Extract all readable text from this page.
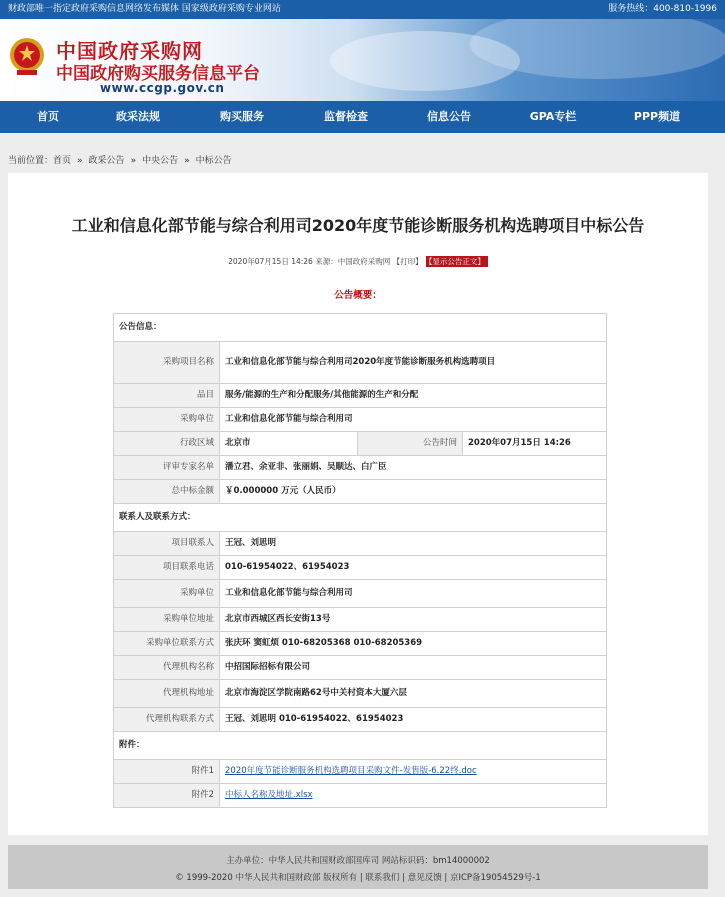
财政部唯一指定政府采购信息网络发布媒体 国家级政府采购专业网站	服务热线：400-810-1996
中国政府采购网
中国政府购买服务信息平台
www.ccgp.gov.cn
首页	政采法规	购买服务	监督检查	信息公告	GPA专栏	PPP频道
当前位置：首页 » 政采公告 » 中央公告 » 中标公告
工业和信息化部节能与综合利用司2020年度节能诊断服务机构选聘项目中标公告
2020年07月15日 14:26 来源：中国政府采购网 【打印】 【显示公告正文】
公告概要：
公告信息：			
采购项目名称	工业和信息化部节能与综合利用司2020年度节能诊断服务机构选聘项目		

品目	服务/能源的生产和分配服务/其他能源的生产和分配		
采购单位	工业和信息化部节能与综合利用司		
行政区域	北京市	公告时间	2020年07月15日 14:26
评审专家名单	潘立君、余亚非、张丽娟、吴顺达、白广臣		
总中标金额	￥0.000000 万元（人民币）		
联系人及联系方式：			
项目联系人	王冠、刘思明		
项目联系电话	010-61954022、61954023		
采购单位	工业和信息化部节能与综合利用司		
采购单位地址	北京市西城区西长安街13号		
采购单位联系方式	张庆环 窦虹烦 010-68205368 010-68205369		
代理机构名称	中招国际招标有限公司		
代理机构地址	北京市海淀区学院南路62号中关村资本大厦六层		
代理机构联系方式	王冠、刘思明 010-61954022、61954023		
附件：			
附件1	2020年度节能诊断服务机构选聘项目采购文件-发售版-6.22终.doc		
附件2	中标人名称及地址.xlsx		
主办单位：中华人民共和国财政部国库司 网站标识码：bm14000002
© 1999-2020 中华人民共和国财政部 版权所有 | 联系我们 | 意见反馈 | 京ICP备19054529号-1
